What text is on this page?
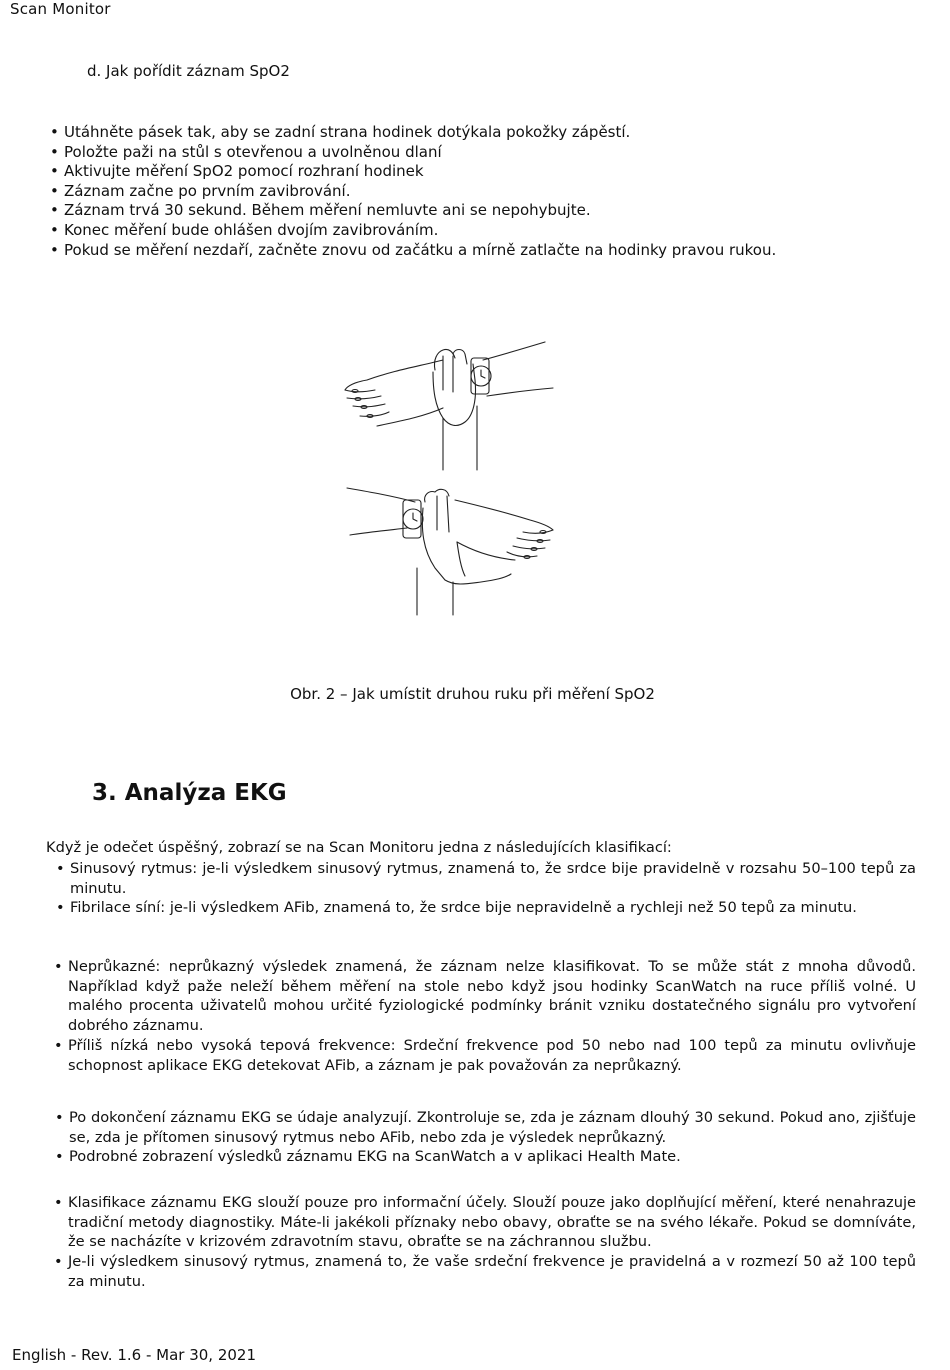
Scan Monitor
d. Jak pořídit záznam SpO2
• Utáhněte pásek tak, aby se zadní strana hodinek dotýkala pokožky zápěstí.
• Položte paži na stůl s otevřenou a uvolněnou dlaní
• Aktivujte měření SpO2 pomocí rozhraní hodinek
• Záznam začne po prvním zavibrování.
• Záznam trvá 30 sekund. Během měření nemluvte ani se nepohybujte.
• Konec měření bude ohlášen dvojím zavibrováním.
• Pokud se měření nezdaří, začněte znovu od začátku a mírně zatlačte na hodinky pravou rukou.
Obr. 2 – Jak umístit druhou ruku při měření SpO2
3. Analýza EKG
Když je odečet úspěšný, zobrazí se na Scan Monitoru jedna z následujících klasifikací:
• Sinusový rytmus: je-li výsledkem sinusový rytmus, znamená to, že srdce bije pravidelně v rozsahu 50–100 tepů za minutu.
• Fibrilace síní: je-li výsledkem AFib, znamená to, že srdce bije nepravidelně a rychleji než 50 tepů za minutu.
• Neprůkazné: neprůkazný výsledek znamená, že záznam nelze klasifikovat. To se může stát z mnoha důvodů. Například když paže neleží během měření na stole nebo když jsou hodinky ScanWatch na ruce příliš volné. U malého procenta uživatelů mohou určité fyziologické podmínky bránit vzniku dostatečného signálu pro vytvoření dobrého záznamu.
• Příliš nízká nebo vysoká tepová frekvence: Srdeční frekvence pod 50 nebo nad 100 tepů za minutu ovlivňuje schopnost aplikace EKG detekovat AFib, a záznam je pak považován za neprůkazný.
• Po dokončení záznamu EKG se údaje analyzují. Zkontroluje se, zda je záznam dlouhý 30 sekund. Pokud ano, zjišťuje se, zda je přítomen sinusový rytmus nebo AFib, nebo zda je výsledek neprůkazný.
• Podrobné zobrazení výsledků záznamu EKG na ScanWatch a v aplikaci Health Mate.
• Klasifikace záznamu EKG slouží pouze pro informační účely. Slouží pouze jako doplňující měření, které nenahrazuje tradiční metody diagnostiky. Máte-li jakékoli příznaky nebo obavy, obraťte se na svého lékaře. Pokud se domníváte, že se nacházíte v krizovém zdravotním stavu, obraťte se na záchrannou službu.
• Je-li výsledkem sinusový rytmus, znamená to, že vaše srdeční frekvence je pravidelná a v rozmezí 50 až 100 tepů za minutu.
English - Rev. 1.6 - Mar 30, 2021
